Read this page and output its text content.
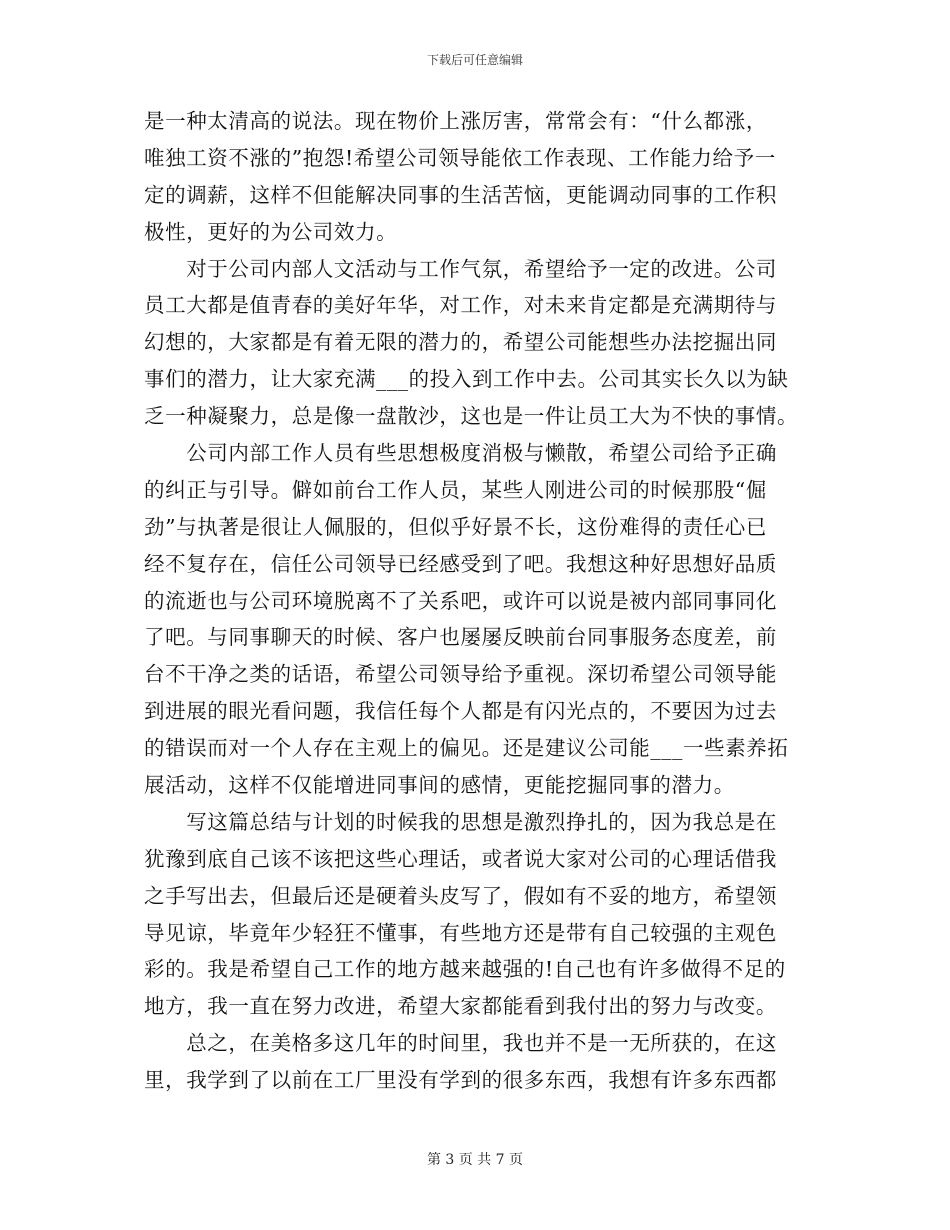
下载后可任意编辑
是一种太清高的说法。现在物价上涨厉害，常常会有：“什么都涨，
唯独工资不涨的”抱怨!希望公司领导能依工作表现、工作能力给予一
定的调薪，这样不但能解决同事的生活苦恼，更能调动同事的工作积
极性，更好的为公司效力。
　　对于公司内部人文活动与工作气氛，希望给予一定的改进。公司
员工大都是值青春的美好年华，对工作，对未来肯定都是充满期待与
幻想的，大家都是有着无限的潜力的，希望公司能想些办法挖掘出同
事们的潜力，让大家充满___的投入到工作中去。公司其实长久以为缺
乏一种凝聚力，总是像一盘散沙，这也是一件让员工大为不快的事情。
　　公司内部工作人员有些思想极度消极与懒散，希望公司给予正确
的纠正与引导。僻如前台工作人员，某些人刚进公司的时候那股“倔
劲”与执著是很让人佩服的，但似乎好景不长，这份难得的责任心已
经不复存在，信任公司领导已经感受到了吧。我想这种好思想好品质
的流逝也与公司环境脱离不了关系吧，或许可以说是被内部同事同化
了吧。与同事聊天的时候、客户也屡屡反映前台同事服务态度差，前
台不干净之类的话语，希望公司领导给予重视。深切希望公司领导能
到进展的眼光看问题，我信任每个人都是有闪光点的，不要因为过去
的错误而对一个人存在主观上的偏见。还是建议公司能___一些素养拓
展活动，这样不仅能增进同事间的感情，更能挖掘同事的潜力。
　　写这篇总结与计划的时候我的思想是激烈挣扎的，因为我总是在
犹豫到底自己该不该把这些心理话，或者说大家对公司的心理话借我
之手写出去，但最后还是硬着头皮写了，假如有不妥的地方，希望领
导见谅，毕竟年少轻狂不懂事，有些地方还是带有自己较强的主观色
彩的。我是希望自己工作的地方越来越强的!自己也有许多做得不足的
地方，我一直在努力改进，希望大家都能看到我付出的努力与改变。
　　总之，在美格多这几年的时间里，我也并不是一无所获的，在这
里，我学到了以前在工厂里没有学到的很多东西，我想有许多东西都
第 3 页 共 7 页
